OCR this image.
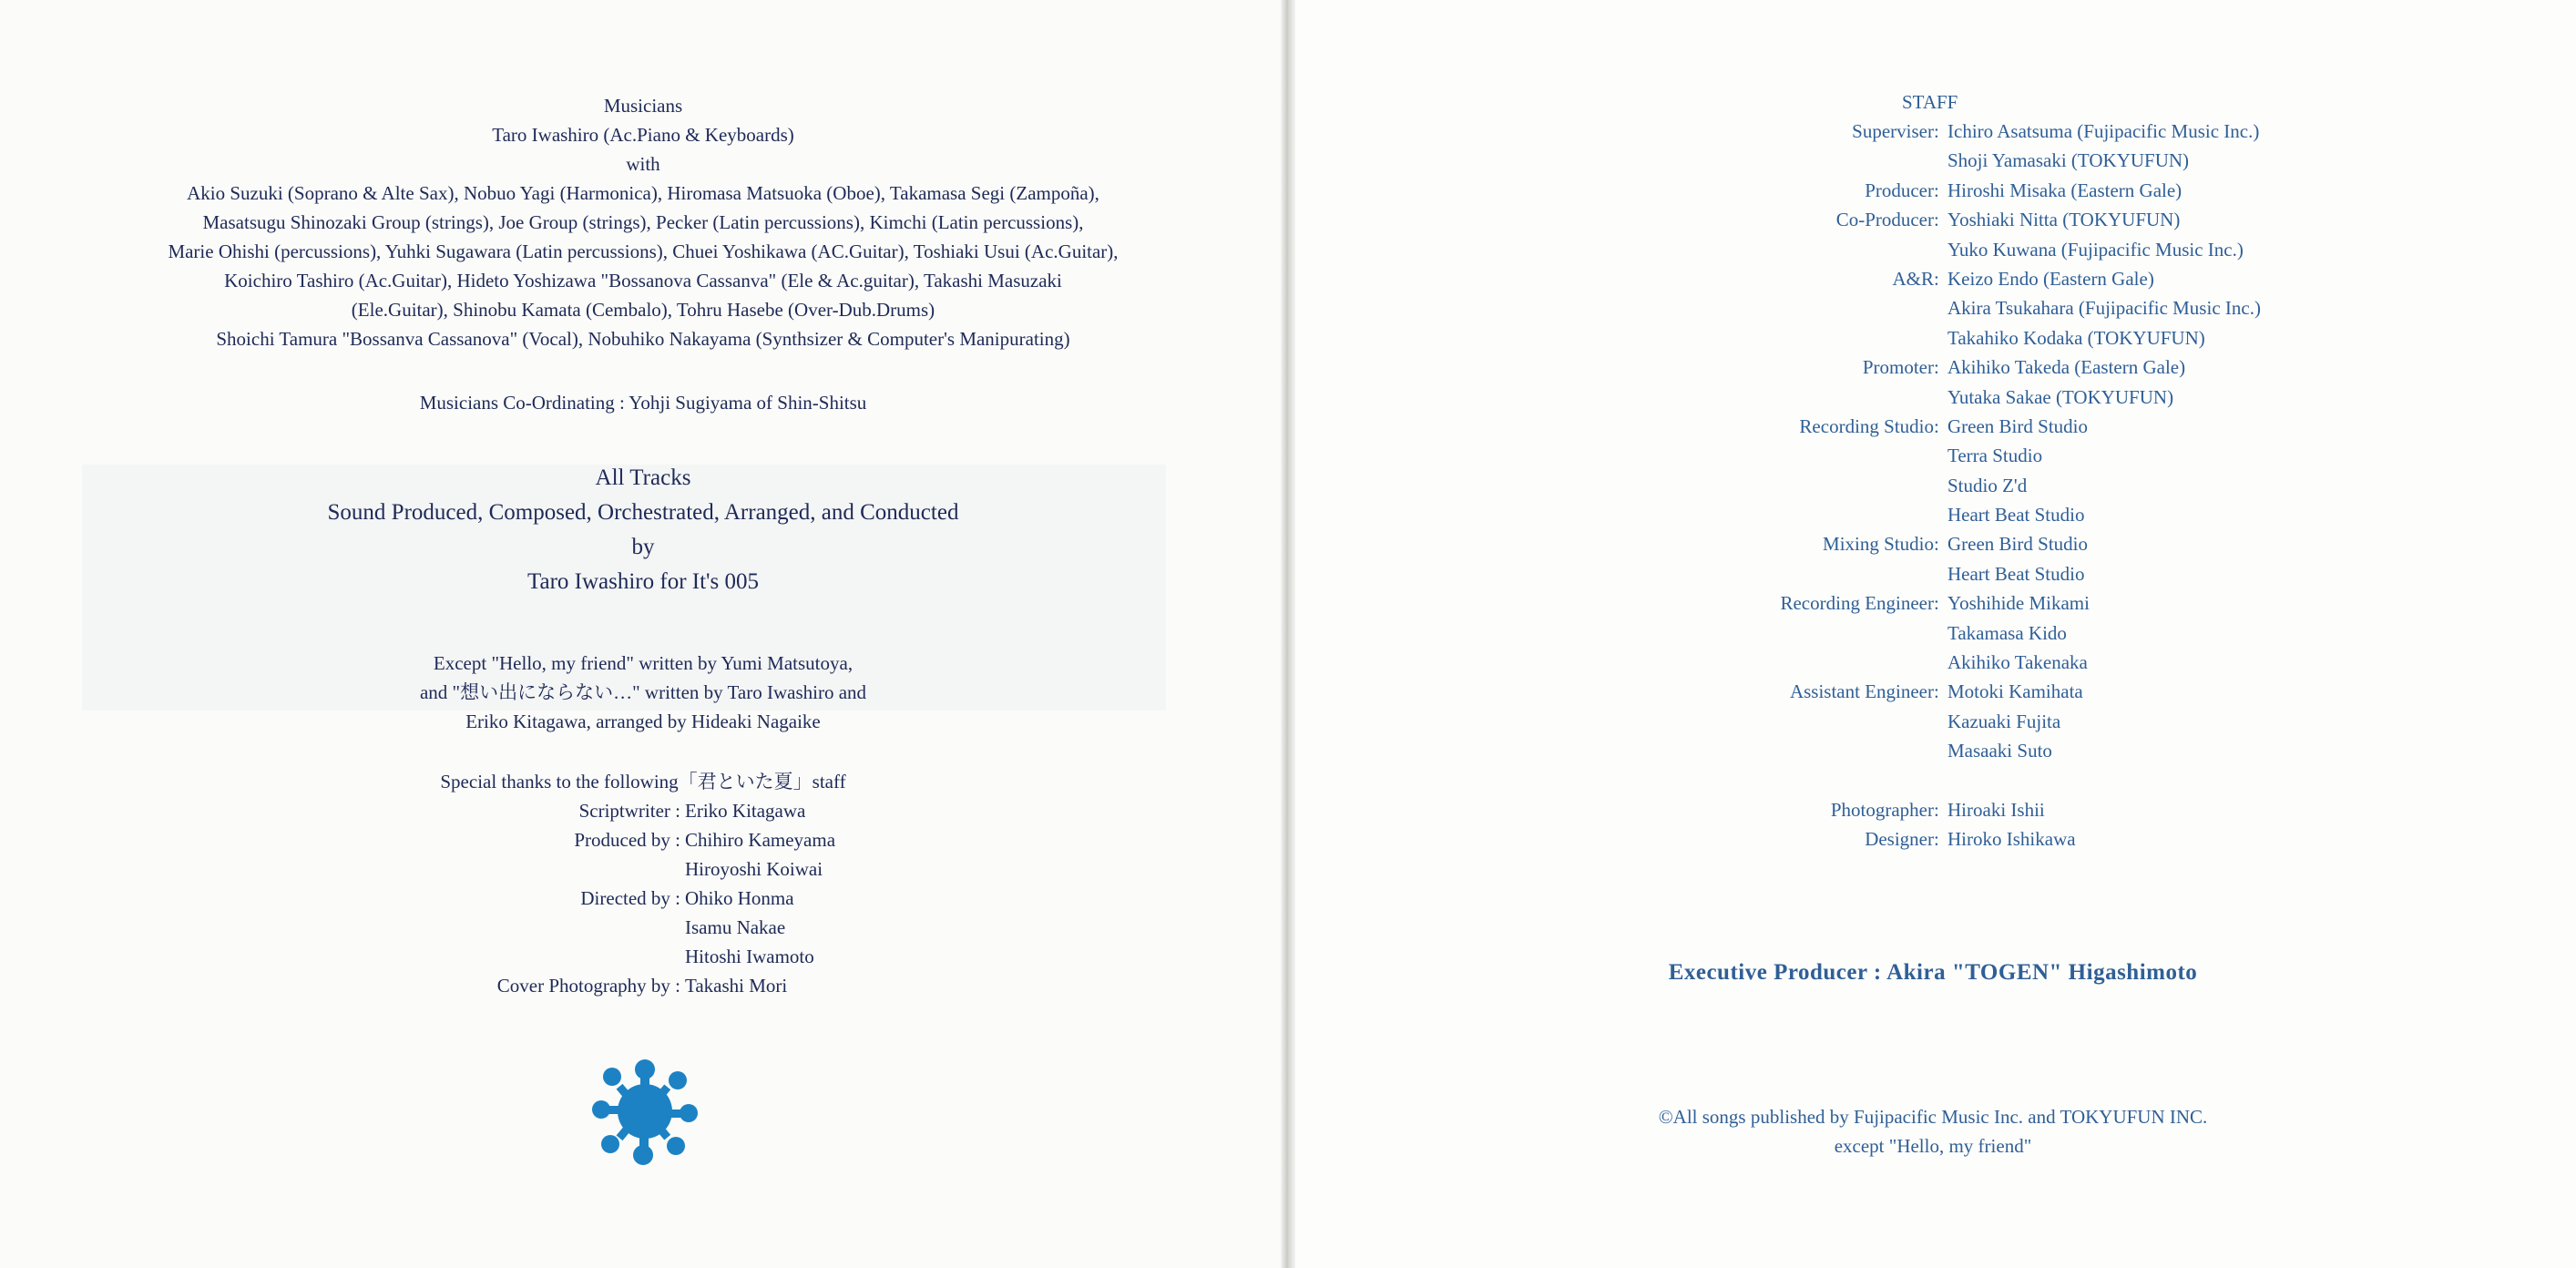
Musicians
Taro Iwashiro (Ac.Piano & Keyboards)
with
Akio Suzuki (Soprano & Alte Sax), Nobuo Yagi (Harmonica), Hiromasa Matsuoka (Oboe), Takamasa Segi (Zampoña),
Masatsugu Shinozaki Group (strings), Joe Group (strings), Pecker (Latin percussions), Kimchi (Latin percussions),
Marie Ohishi (percussions), Yuhki Sugawara (Latin percussions), Chuei Yoshikawa (AC.Guitar), Toshiaki Usui (Ac.Guitar),
Koichiro Tashiro (Ac.Guitar), Hideto Yoshizawa "Bossanova Cassanva" (Ele & Ac.guitar), Takashi Masuzaki
(Ele.Guitar), Shinobu Kamata (Cembalo), Tohru Hasebe (Over-Dub.Drums)
Shoichi Tamura "Bossanva Cassanova" (Vocal), Nobuhiko Nakayama (Synthsizer & Computer's Manipurating)
Musicians Co-Ordinating : Yohji Sugiyama of Shin-Shitsu
All Tracks
Sound Produced, Composed, Orchestrated, Arranged, and Conducted
by
Taro Iwashiro for It's 005
Except "Hello, my friend" written by Yumi Matsutoya,
and "想い出にならない…" written by Taro Iwashiro and
Eriko Kitagawa, arranged by Hideaki Nagaike
Special thanks to the following「君といた夏」staff
Scriptwriter : Eriko Kitagawa
Produced by : Chihiro Kameyama
Hiroyoshi Koiwai
Directed by : Ohiko Honma
Isamu Nakae
Hitoshi Iwamoto
Cover Photography by : Takashi Mori
STAFF
Superviser : Ichiro Asatsuma (Fujipacific Music Inc.)
Shoji Yamasaki (TOKYUFUN)
Producer : Hiroshi Misaka (Eastern Gale)
Co-Producer : Yoshiaki Nitta (TOKYUFUN)
Yuko Kuwana (Fujipacific Music Inc.)
A&R : Keizo Endo (Eastern Gale)
Akira Tsukahara (Fujipacific Music Inc.)
Takahiko Kodaka (TOKYUFUN)
Promoter : Akihiko Takeda (Eastern Gale)
Yutaka Sakae (TOKYUFUN)
Recording Studio : Green Bird Studio
Terra Studio
Studio Z'd
Heart Beat Studio
Mixing Studio : Green Bird Studio
Heart Beat Studio
Recording Engineer : Yoshihide Mikami
Takamasa Kido
Akihiko Takenaka
Assistant Engineer : Motoki Kamihata
Kazuaki Fujita
Masaaki Suto
Photographer : Hiroaki Ishii
Designer : Hiroko Ishikawa
Executive Producer : Akira "TOGEN" Higashimoto
©All songs published by Fujipacific Music Inc. and TOKYUFUN INC.
except "Hello, my friend"
